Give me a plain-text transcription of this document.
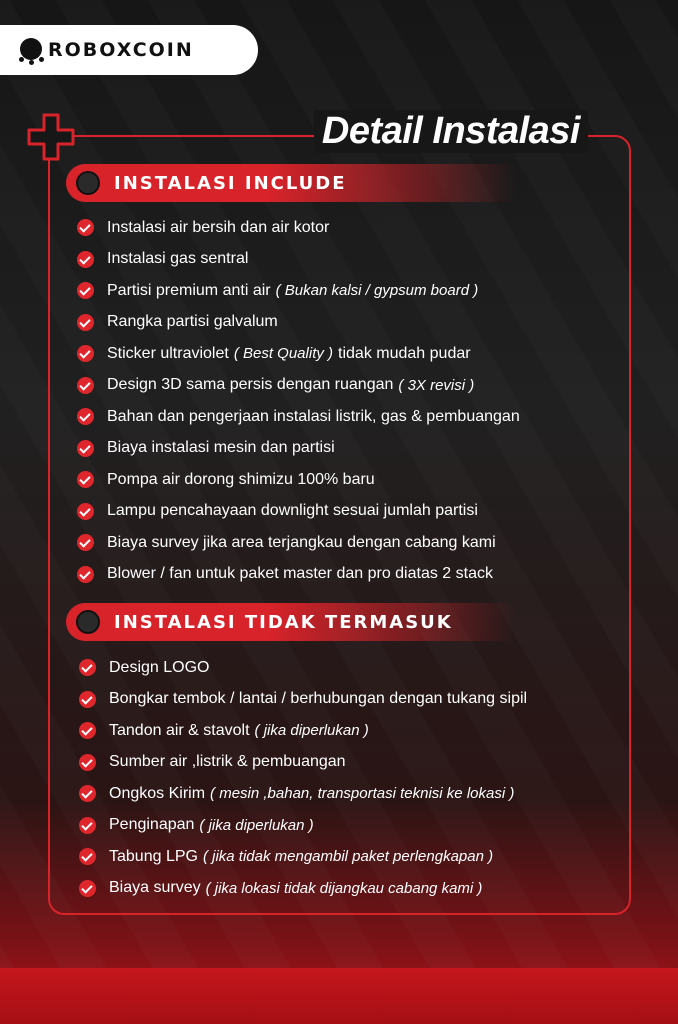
ROBOXCOIN
Detail Instalasi
INSTALASI INCLUDE
Instalasi air bersih dan air kotor
Instalasi gas sentral
Partisi premium anti air ( Bukan kalsi / gypsum board )
Rangka partisi galvalum
Sticker ultraviolet ( Best Quality ) tidak mudah pudar
Design 3D sama persis dengan ruangan ( 3X revisi )
Bahan dan pengerjaan instalasi listrik, gas & pembuangan
Biaya instalasi mesin dan partisi
Pompa air dorong shimizu 100% baru
Lampu pencahayaan downlight sesuai jumlah partisi
Biaya survey jika area terjangkau dengan cabang kami
Blower / fan untuk paket master dan pro diatas 2 stack
INSTALASI TIDAK TERMASUK
Design LOGO
Bongkar tembok / lantai / berhubungan dengan tukang sipil
Tandon air & stavolt ( jika diperlukan )
Sumber air ,listrik & pembuangan
Ongkos Kirim ( mesin ,bahan, transportasi teknisi ke lokasi )
Penginapan ( jika diperlukan )
Tabung LPG ( jika tidak mengambil paket perlengkapan )
Biaya survey ( jika lokasi tidak dijangkau cabang kami )
